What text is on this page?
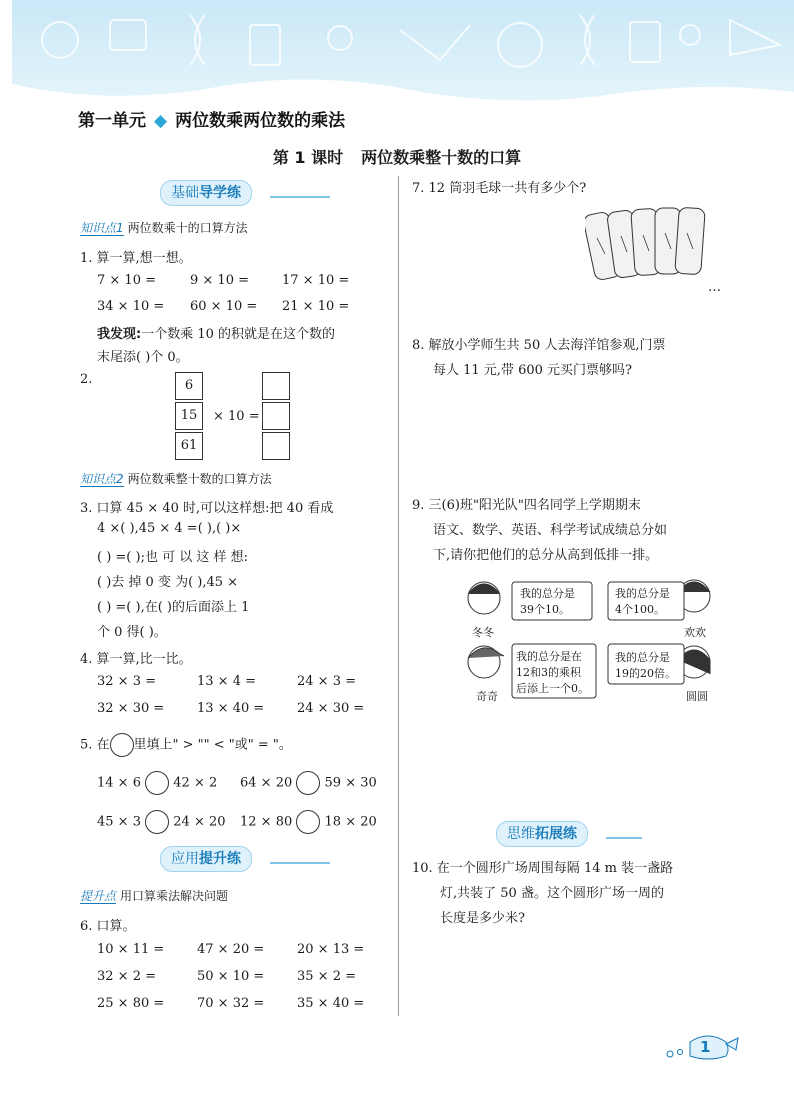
第一单元 ◆ 两位数乘两位数的乘法
第 1 课时 两位数乘整十数的口算
基础导学练
知识点1 两位数乘十的口算方法
1. 算一算,想一想。
7 × 10 =	9 × 10 =	17 × 10 =
34 × 10 = 60 × 10 = 21 × 10 =
我发现:一个数乘 10 的积就是在这个数的
末尾添( )个 0。
2.	6
15
61
× 10 =
知识点2 两位数乘整十数的口算方法
3. 口算 45 × 40 时,可以这样想:把 40 看成
4 ×( ),45 × 4 =( ),( )×
( ) =( );也 可 以 这 样 想:
( )去 掉 0 变 为( ),45 ×
( ) =( ),在( )的后面添上 1
个 0 得( )。
4. 算一算,比一比。
32 × 3 =	13 × 4 =	24 × 3 =
32 × 30 =	13 × 40 =	24 × 30 =
5. 在 里填上" > "" < "或" = "。
14 × 6 42 × 2 64 × 20 59 × 30
45 × 3 24 × 20 12 × 80 18 × 20
应用提升练
提升点 用口算乘法解决问题
6. 口算。
10 × 11 =	47 × 20 =	20 × 13 =
32 × 2 =	50 × 10 =	35 × 2 =
25 × 80 =	70 × 32 =	35 × 40 =
7. 12 筒羽毛球一共有多少个?
…
8. 解放小学师生共 50 人去海洋馆参观,门票
每人 11 元,带 600 元买门票够吗?
9. 三(6)班"阳光队"四名同学上学期期末
语文、数学、英语、科学考试成绩总分如
下,请你把他们的总分从高到低排一排。
我的总分是
39个10。
冬冬
我的总分是
4个100。
欢欢
我的总分是在
12和3的乘积
后添上一个0。
奇奇
我的总分是
19的20倍。
圆圆
思维拓展练
10. 在一个圆形广场周围每隔 14 m 装一盏路
灯,共装了 50 盏。这个圆形广场一周的
长度是多少米?
1
